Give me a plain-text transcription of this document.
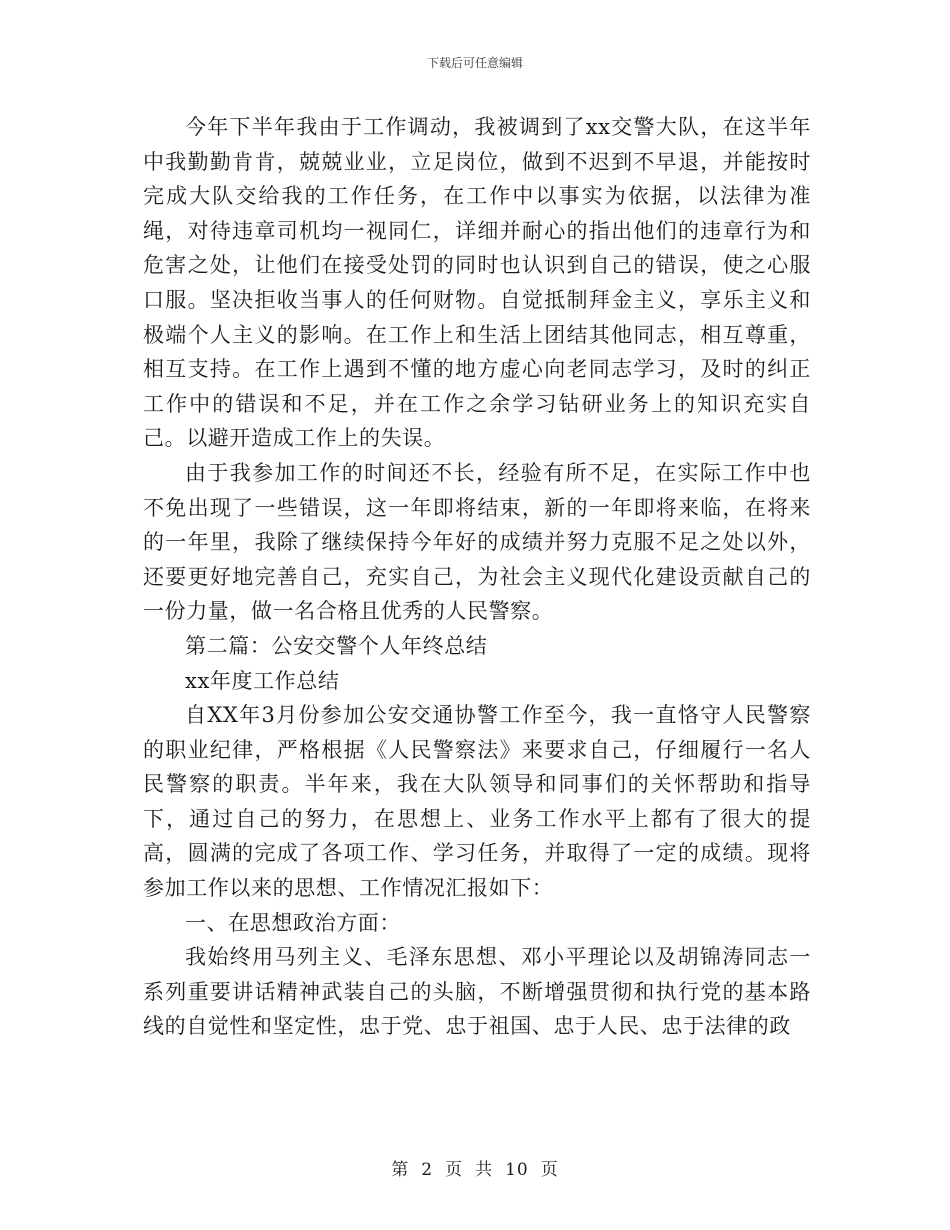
下载后可任意编辑

今年下半年我由于工作调动，我被调到了xx交警大队，在这半年中我勤勤肯肯，兢兢业业，立足岗位，做到不迟到不早退，并能按时完成大队交给我的工作任务，在工作中以事实为依据，以法律为准绳，对待违章司机均一视同仁，详细并耐心的指出他们的违章行为和危害之处，让他们在接受处罚的同时也认识到自己的错误，使之心服口服。坚决拒收当事人的任何财物。自觉抵制拜金主义，享乐主义和极端个人主义的影响。在工作上和生活上团结其他同志，相互尊重，相互支持。在工作上遇到不懂的地方虚心向老同志学习，及时的纠正工作中的错误和不足，并在工作之余学习钻研业务上的知识充实自己。以避开造成工作上的失误。

由于我参加工作的时间还不长，经验有所不足，在实际工作中也不免出现了一些错误，这一年即将结束，新的一年即将来临，在将来的一年里，我除了继续保持今年好的成绩并努力克服不足之处以外，还要更好地完善自己，充实自己，为社会主义现代化建设贡献自己的一份力量，做一名合格且优秀的人民警察。

第二篇：公安交警个人年终总结

xx年度工作总结

自XX年3月份参加公安交通协警工作至今，我一直恪守人民警察的职业纪律，严格根据《人民警察法》来要求自己，仔细履行一名人民警察的职责。半年来，我在大队领导和同事们的关怀帮助和指导下，通过自己的努力，在思想上、业务工作水平上都有了很大的提高，圆满的完成了各项工作、学习任务，并取得了一定的成绩。现将参加工作以来的思想、工作情况汇报如下：

一、在思想政治方面：

我始终用马列主义、毛泽东思想、邓小平理论以及胡锦涛同志一系列重要讲话精神武装自己的头脑，不断增强贯彻和执行党的基本路线的自觉性和坚定性，忠于党、忠于祖国、忠于人民、忠于法律的政

第 2 页 共 10 页
